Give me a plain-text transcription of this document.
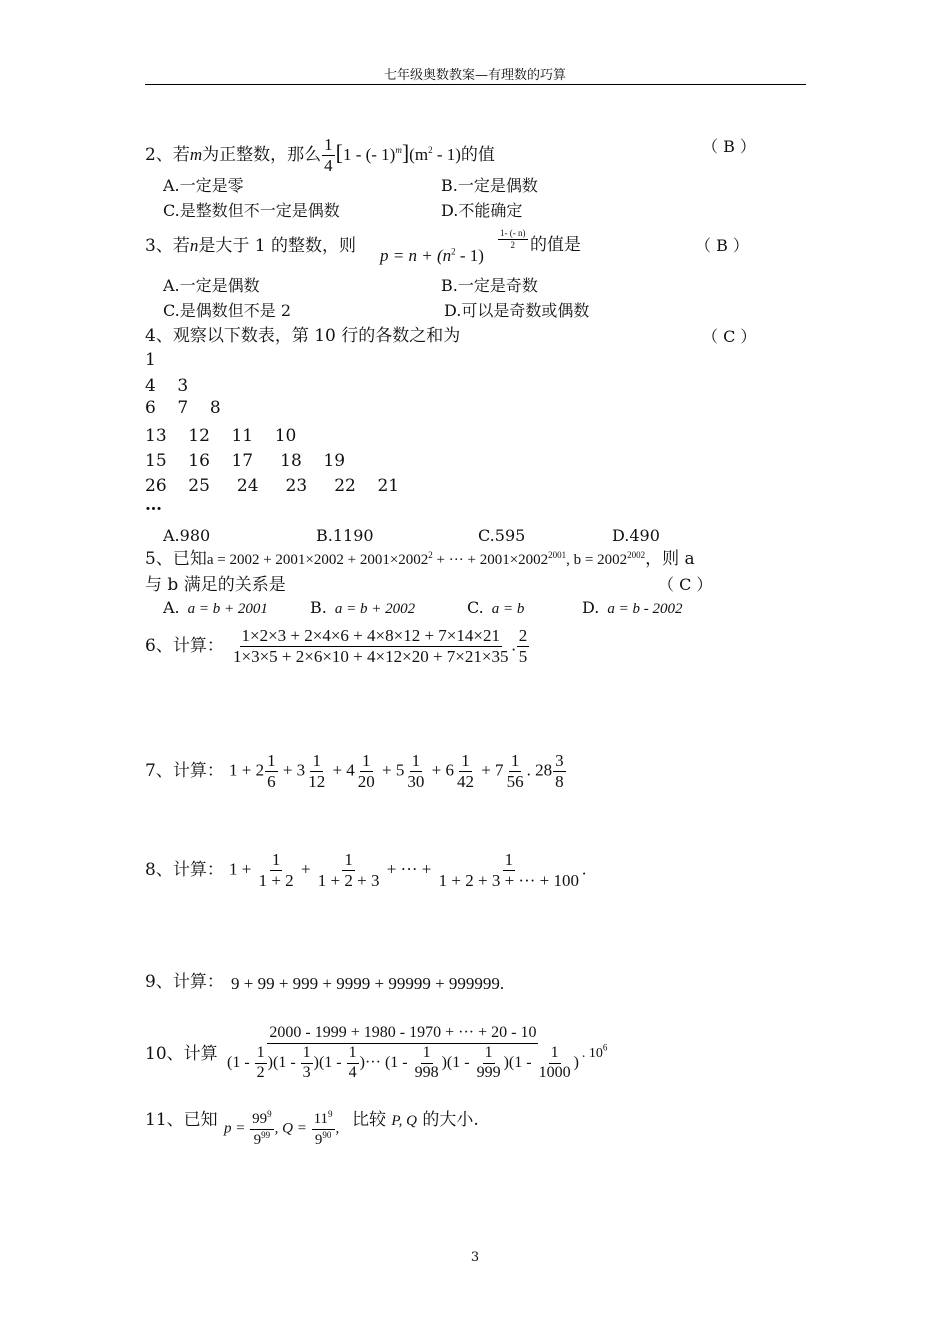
七年级奥数教案—有理数的巧算
2、若m为正整数，那么 $\frac{1}{4} [1$ - (- $1)^m](m^2 - 1)$的值	（ B ）
A.一定是零	B.一定是偶数
C.是整数但不一定是偶数	D.不能确定
3、若n是大于 1 的整数，则 $p = n + (n^2 - 1)$
$\frac{1- (- n)}{2}$ 的值是	（ B ）
A.一定是偶数	B.一定是奇数
C.是偶数但不是 2	D.可以是奇数或偶数
4、观察以下数表，第 10 行的各数之和为	（ C ）
1
4    3
6    7    8
13    12    11    10
15    16    17     18    19
26    25     24     23     22    21
…
A.980	B.1190	C.595	D.490
5、已知$a = 2002 + 2001\times 2002 + 2001\times 2002^2$ + ··· + $2001\times 2002^{2001}$, $b = 2002^{2002}$，则 a
与 b 满足的关系是	（ C ）
A. a = b + 2001	B. a = b + 2002	C. a = b	D. a = b - 2002
6、计算： $\frac{1\times 2\times 3 + 2\times 4\times 6 + 4\times 8\times 12 + 7\times 14\times 21}{1\times 3\times 5 + 2\times 6\times 10 + 4\times 12\times 20 + 7\times 21\times 35}$ . $\frac{2}{5}$
7、计算： $1 + 2 \frac{1}{6} + 3 \frac{1}{12} + 4 \frac{1}{20} + 5 \frac{1}{30} + 6 \frac{1}{42} + 7 \frac{1}{56}$ . $28 \frac{3}{8}$
8、计算： $1 + \frac{1}{1 + 2} + \frac{1}{1 + 2 + 3}$ + ··· + $\frac{1}{1 + 2 + 3 + \cdot\cdot\cdot + 100}$ .
9、计算： 9 + 99 + 999 + 9999 + 99999 + 999999.
10、计算 $\frac{2000 - 1999 + 1980 - 1970 + \cdot\cdot\cdot + 20 - 10}{(1 - \frac{1}{2} )(1 - \frac{1}{3} )(1 - \frac{1}{4} )\cdot\cdot\cdot (1 - \frac{1}{998} )(1 - \frac{1}{999} )(1 - \frac{1}{1000} )}$ . $10^6$
11、已知 $p = \frac{99^9}{9^{99}}$ , $Q = \frac{11^9}{9^{90}}$ , 比较 P, Q 的大小.
3
